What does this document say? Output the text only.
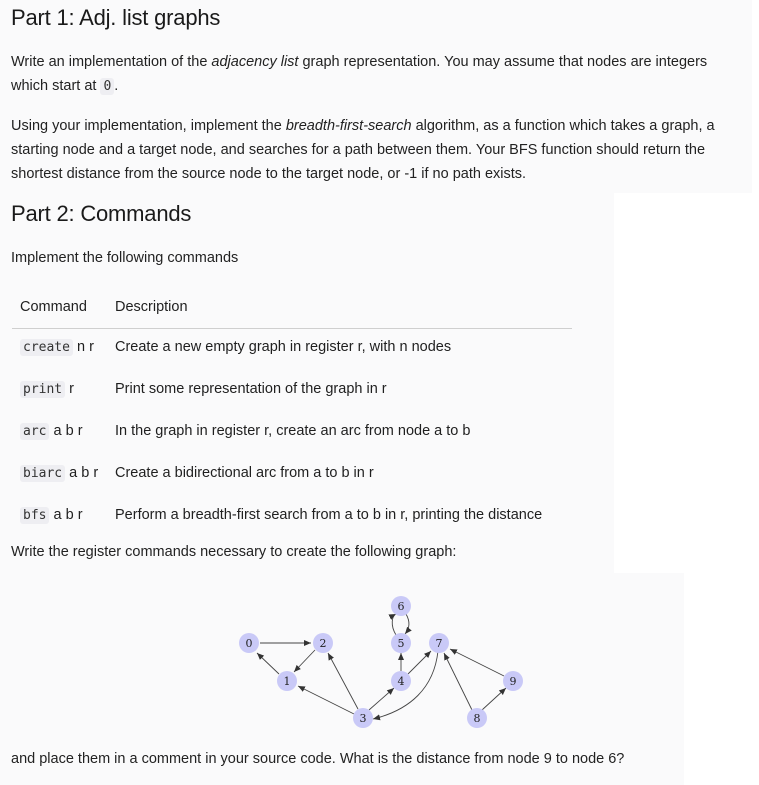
Part 1: Adj. list graphs

Write an implementation of the adjacency list graph representation. You may assume that nodes are integers which start at 0 .

Using your implementation, implement the breadth-first-search algorithm, as a function which takes a graph, a starting node and a target node, and searches for a path between them. Your BFS function should return the shortest distance from the source node to the target node, or -1 if no path exists.

Part 2: Commands

Implement the following commands

Command	Description
create n r	Create a new empty graph in register r, with n nodes
print r	Print some representation of the graph in r
arc a b r	In the graph in register r, create an arc from node a to b
biarc a b r	Create a bidirectional arc from a to b in r
bfs a b r	Perform a breadth-first search from a to b in r, printing the distance

Write the register commands necessary to create the following graph:

0
1
2
3
4
5
6
7
8
9

and place them in a comment in your source code. What is the distance from node 9 to node 6?
